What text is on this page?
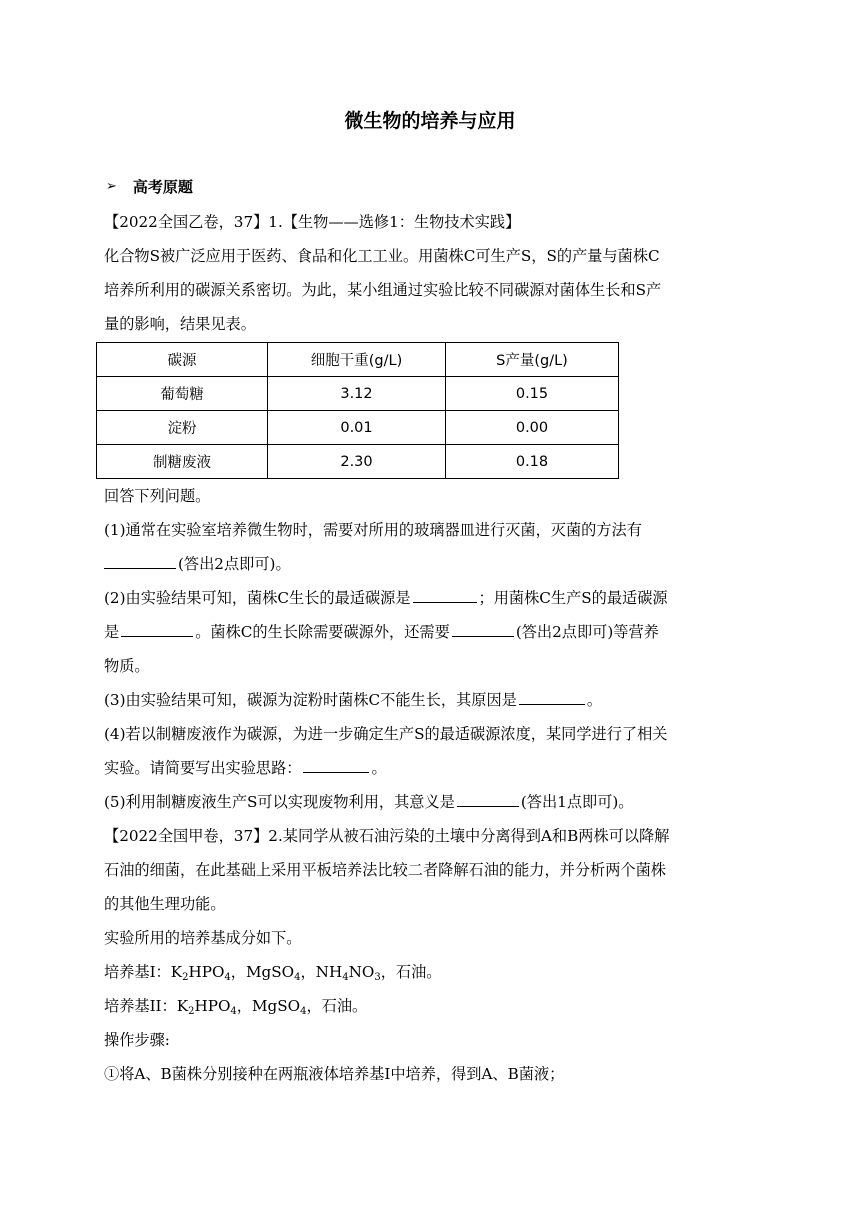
微生物的培养与应用
➢ 高考原题
【2022全国乙卷，37】1.【生物——选修1：生物技术实践】
化合物S被广泛应用于医药、食品和化工工业。用菌株C可生产S，S的产量与菌株C
培养所利用的碳源关系密切。为此，某小组通过实验比较不同碳源对菌体生长和S产
量的影响，结果见表。
碳源	细胞干重(g/L)	S产量(g/L)
葡萄糖	3.12	0.15
淀粉	0.01	0.00
制糖废液	2.30	0.18
回答下列问题。
(1)通常在实验室培养微生物时，需要对所用的玻璃器皿进行灭菌，灭菌的方法有
(答出2点即可)。
(2)由实验结果可知，菌株C生长的最适碳源是	；用菌株C生产S的最适碳源
是	。菌株C的生长除需要碳源外，还需要	(答出2点即可)等营养
物质。
(3)由实验结果可知，碳源为淀粉时菌株C不能生长，其原因是	。
(4)若以制糖废液作为碳源，为进一步确定生产S的最适碳源浓度，某同学进行了相关
实验。请简要写出实验思路：	。
(5)利用制糖废液生产S可以实现废物利用，其意义是	(答出1点即可)。
【2022全国甲卷，37】2.某同学从被石油污染的土壤中分离得到A和B两株可以降解
石油的细菌，在此基础上采用平板培养法比较二者降解石油的能力，并分析两个菌株
的其他生理功能。
实验所用的培养基成分如下。
培养基I：$K_2HPO_4$，MgSO$_4$，$NH_4NO_3$，石油。
培养基II：$K_2HPO_4$，MgSO$_4$，石油。
操作步骤:
①将A、B菌株分别接种在两瓶液体培养基I中培养，得到A、B菌液；
